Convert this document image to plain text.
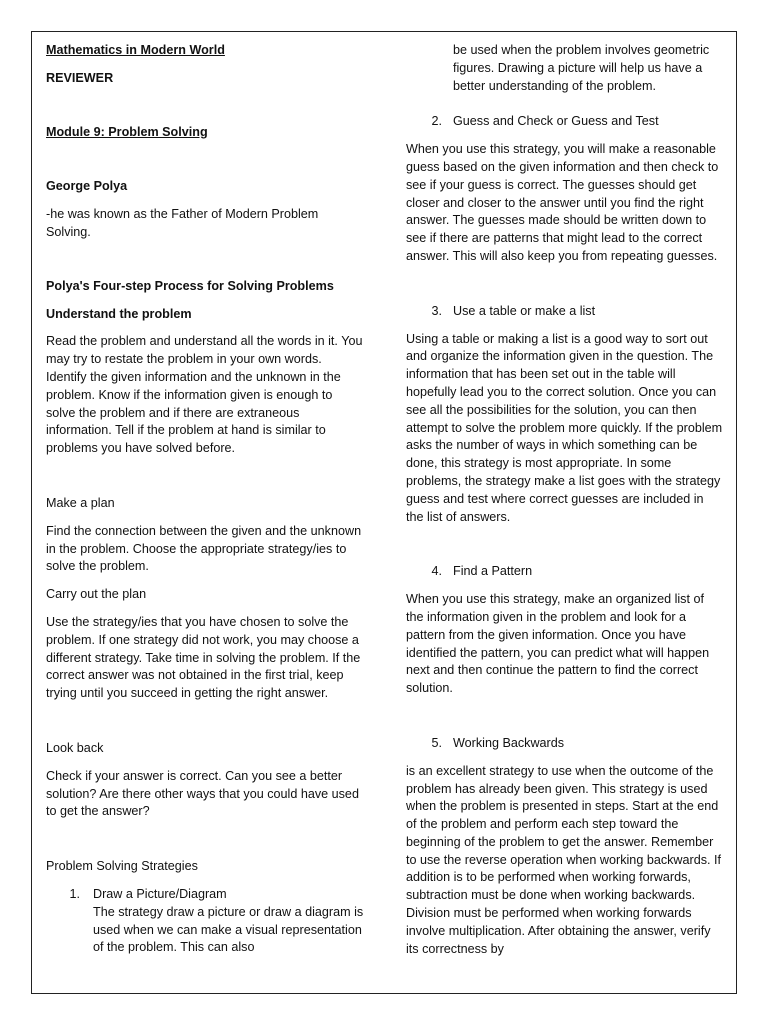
Mathematics in Modern World

REVIEWER

Module 9: Problem Solving

George Polya

-he was known as the Father of Modern Problem Solving.

Polya's Four-step Process for Solving Problems

Understand the problem

Read the problem and understand all the words in it. You may try to restate the problem in your own words. Identify the given information and the unknown in the problem. Know if the information given is enough to solve the problem and if there are extraneous information. Tell if the problem at hand is similar to problems you have solved before.

Make a plan

Find the connection between the given and the unknown in the problem. Choose the appropriate strategy/ies to solve the problem.

Carry out the plan

Use the strategy/ies that you have chosen to solve the problem. If one strategy did not work, you may choose a different strategy. Take time in solving the problem. If the correct answer was not obtained in the first trial, keep trying until you succeed in getting the right answer.

Look back

Check if your answer is correct. Can you see a better solution? Are there other ways that you could have used to get the answer?

Problem Solving Strategies

1.	Draw a Picture/Diagram

The strategy draw a picture or draw a diagram is used when we can make a visual representation of the problem. This can also

be used when the problem involves geometric figures. Drawing a picture will help us have a better understanding of the problem.

2. Guess and Check or Guess and Test

When you use this strategy, you will make a reasonable guess based on the given information and then check to see if your guess is correct. The guesses should get closer and closer to the answer until you find the right answer. The guesses made should be written down to see if there are patterns that might lead to the correct answer. This will also keep you from repeating guesses.

3. Use a table or make a list

Using a table or making a list is a good way to sort out and organize the information given in the question. The information that has been set out in the table will hopefully lead you to the correct solution. Once you can see all the possibilities for the solution, you can then attempt to solve the problem more quickly. If the problem asks the number of ways in which something can be done, this strategy is most appropriate. In some problems, the strategy make a list goes with the strategy guess and test where correct guesses are included in the list of answers.

4. Find a Pattern

When you use this strategy, make an organized list of the information given in the problem and look for a pattern from the given information. Once you have identified the pattern, you can predict what will happen next and then continue the pattern to find the correct solution.

5. Working Backwards

is an excellent strategy to use when the outcome of the problem has already been given. This strategy is used when the problem is presented in steps. Start at the end of the problem and perform each step toward the beginning of the problem to get the answer. Remember to use the reverse operation when working backwards. If addition is to be performed when working forwards, subtraction must be done when working backwards. Division must be performed when working forwards involve multiplication. After obtaining the answer, verify its correctness by
